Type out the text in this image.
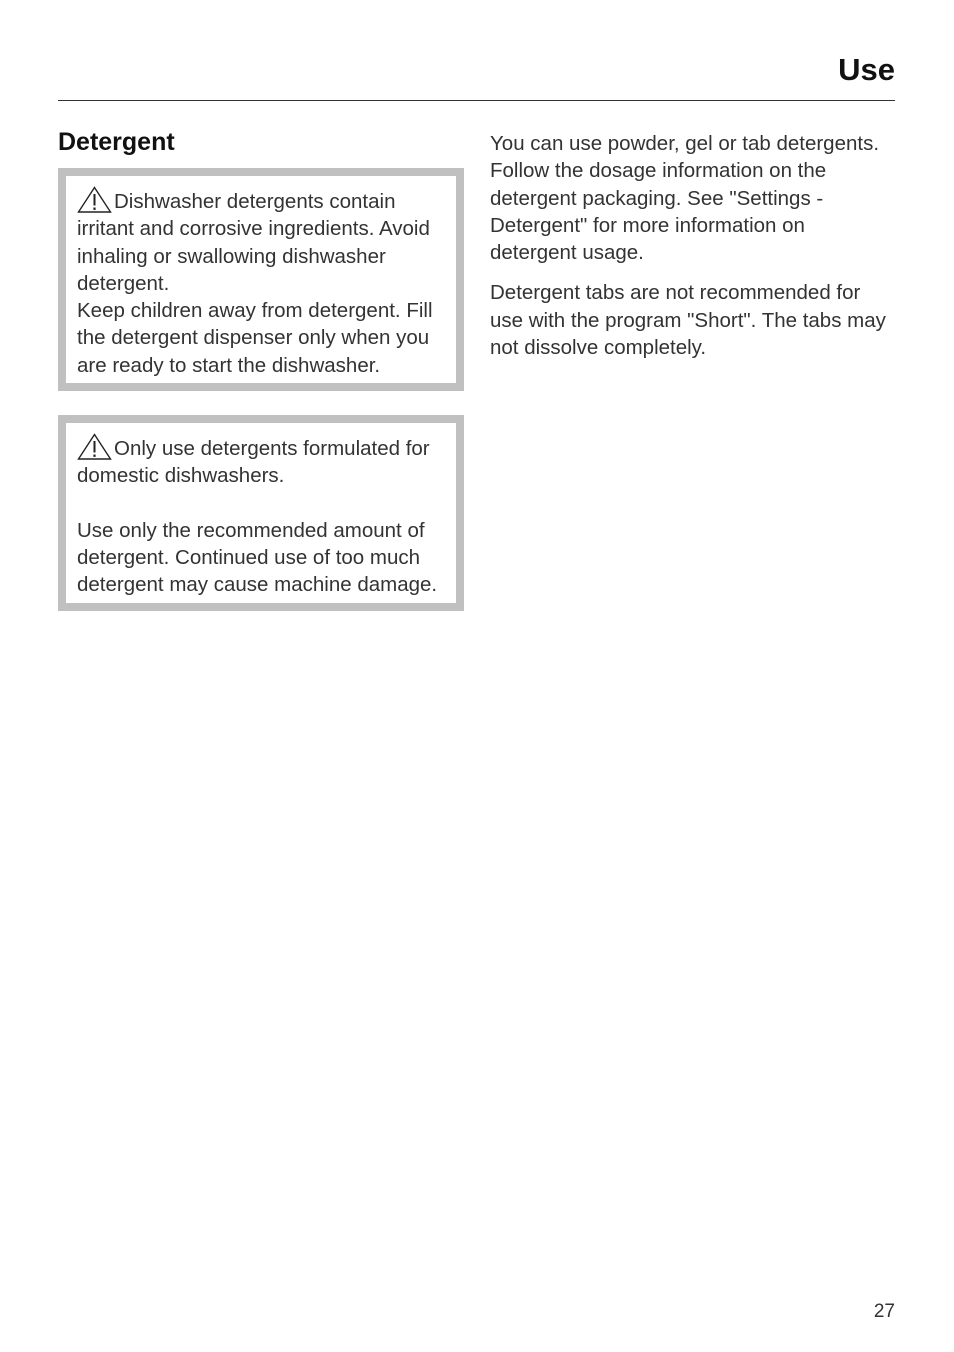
Use
Detergent

Dishwasher detergents contain irritant and corrosive ingredients. Avoid inhaling or swallowing dishwasher detergent.

Keep children away from detergent. Fill the detergent dispenser only when you are ready to start the dishwasher.

Only use detergents formulated for domestic dishwashers.

Use only the recommended amount of detergent. Continued use of too much detergent may cause machine damage.

You can use powder, gel or tab detergents. Follow the dosage information on the detergent packaging. See "Settings - Detergent" for more information on detergent usage.

Detergent tabs are not recommended for use with the program "Short". The tabs may not dissolve completely.

27
